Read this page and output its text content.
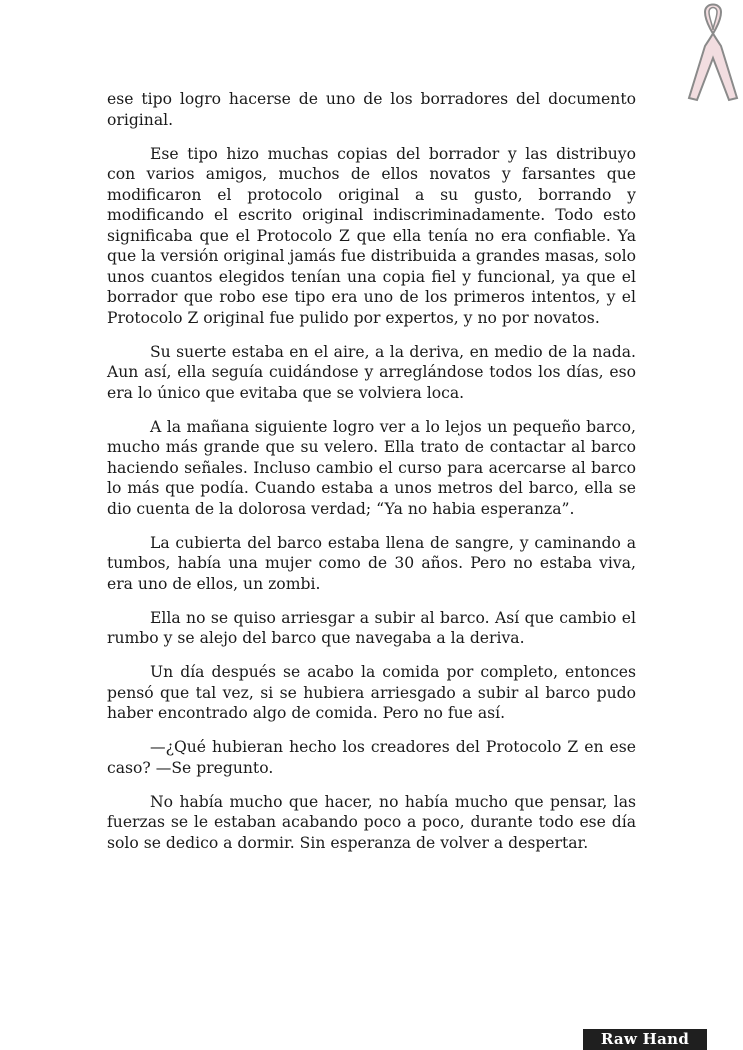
ese tipo logro hacerse de uno de los borradores del documento original.

Ese tipo hizo muchas copias del borrador y las distribuyo con varios amigos, muchos de ellos novatos y farsantes que modificaron el protocolo original a su gusto, borrando y modificando el escrito original indiscriminadamente. Todo esto significaba que el Protocolo Z que ella tenía no era confiable. Ya que la versión original jamás fue distribuida a grandes masas, solo unos cuantos elegidos tenían una copia fiel y funcional, ya que el borrador que robo ese tipo era uno de los primeros intentos, y el Protocolo Z original fue pulido por expertos, y no por novatos.

Su suerte estaba en el aire, a la deriva, en medio de la nada. Aun así, ella seguía cuidándose y arreglándose todos los días, eso era lo único que evitaba que se volviera loca.

A la mañana siguiente logro ver a lo lejos un pequeño barco, mucho más grande que su velero. Ella trato de contactar al barco haciendo señales. Incluso cambio el curso para acercarse al barco lo más que podía. Cuando estaba a unos metros del barco, ella se dio cuenta de la dolorosa verdad; “Ya no habia esperanza”.

La cubierta del barco estaba llena de sangre, y caminando a tumbos, había una mujer como de 30 años. Pero no estaba viva, era uno de ellos, un zombi.

Ella no se quiso arriesgar a subir al barco. Así que cambio el rumbo y se alejo del barco que navegaba a la deriva.

Un día después se acabo la comida por completo, entonces pensó que tal vez, si se hubiera arriesgado a subir al barco pudo haber encontrado algo de comida. Pero no fue así.

—¿Qué hubieran hecho los creadores del Protocolo Z en ese caso? —Se pregunto.

No había mucho que hacer, no había mucho que pensar, las fuerzas se le estaban acabando poco a poco, durante todo ese día solo se dedico a dormir. Sin esperanza de volver a despertar.

Raw Hand
